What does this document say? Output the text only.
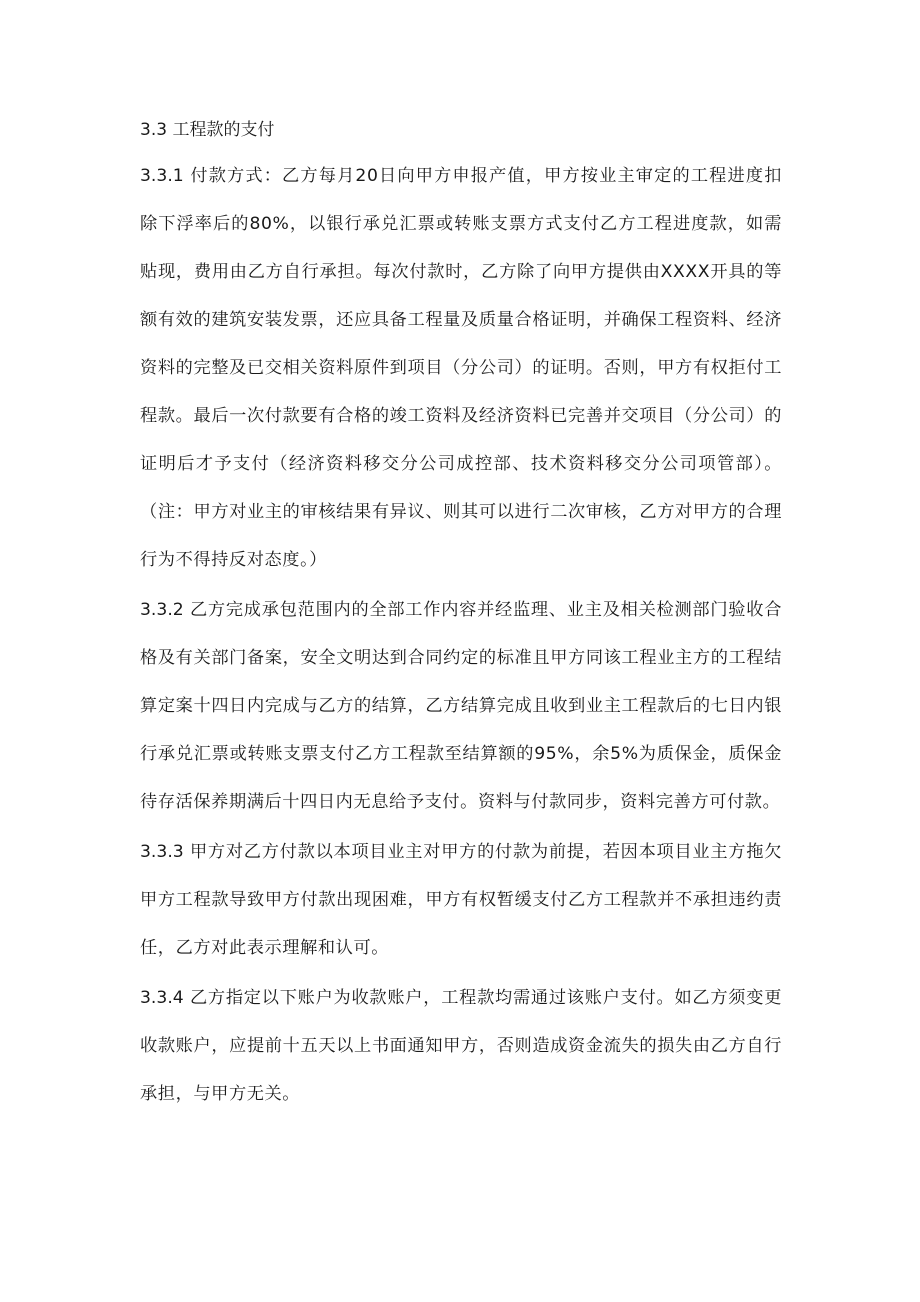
3.3 工程款的支付

3.3.1 付款方式：乙方每月20日向甲方申报产值，甲方按业主审定的工程进度扣除下浮率后的80%，以银行承兑汇票或转账支票方式支付乙方工程进度款，如需贴现，费用由乙方自行承担。每次付款时，乙方除了向甲方提供由XXXX开具的等额有效的建筑安装发票，还应具备工程量及质量合格证明，并确保工程资料、经济资料的完整及已交相关资料原件到项目（分公司）的证明。否则，甲方有权拒付工程款。最后一次付款要有合格的竣工资料及经济资料已完善并交项目（分公司）的证明后才予支付（经济资料移交分公司成控部、技术资料移交分公司项管部）。（注：甲方对业主的审核结果有异议、则其可以进行二次审核，乙方对甲方的合理行为不得持反对态度。）

3.3.2 乙方完成承包范围内的全部工作内容并经监理、业主及相关检测部门验收合格及有关部门备案，安全文明达到合同约定的标准且甲方同该工程业主方的工程结算定案十四日内完成与乙方的结算，乙方结算完成且收到业主工程款后的七日内银行承兑汇票或转账支票支付乙方工程款至结算额的95%，余5%为质保金，质保金待存活保养期满后十四日内无息给予支付。资料与付款同步，资料完善方可付款。

3.3.3 甲方对乙方付款以本项目业主对甲方的付款为前提，若因本项目业主方拖欠甲方工程款导致甲方付款出现困难，甲方有权暂缓支付乙方工程款并不承担违约责任，乙方对此表示理解和认可。

3.3.4 乙方指定以下账户为收款账户，工程款均需通过该账户支付。如乙方须变更收款账户，应提前十五天以上书面通知甲方，否则造成资金流失的损失由乙方自行承担，与甲方无关。
